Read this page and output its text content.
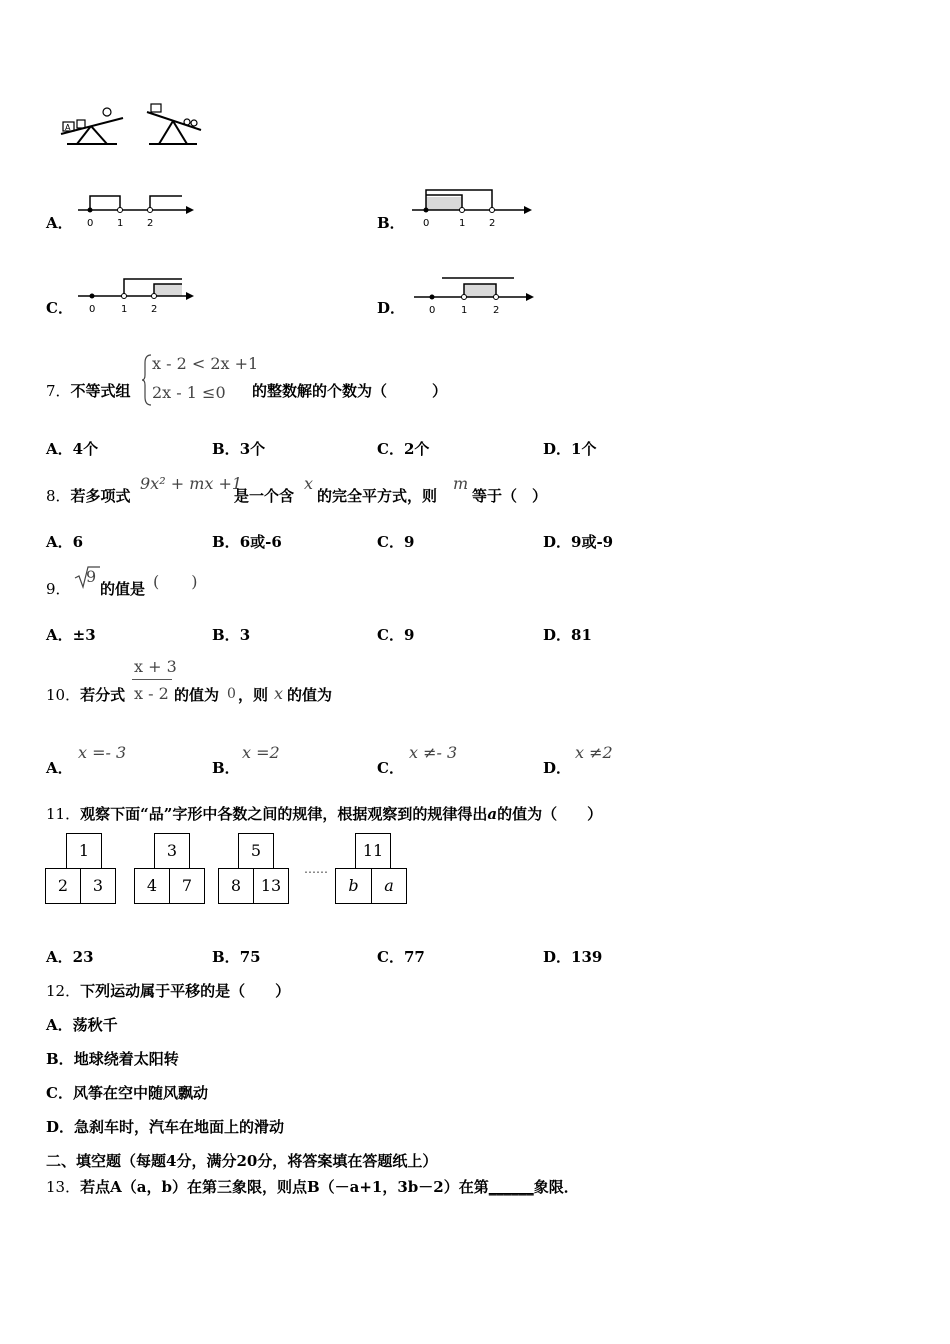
A
A． 0 1 2	B． 0	1 2
C． 0	1 2	D． 0	1	2
7．不等式组
x - 2 < 2x +1
2x - 1 ≤0 的整数解的个数为（　　　）
A．4个	B．3个	C．2个	D．1个
8．若多项式
9x² + mx +1
是一个含
x
的完全平方式，则
m
等于（　）
A．6	B．6或-6	C．9	D．9或-9
9．
9
的值是 (　　)
A．±3	B．3	C．9	D．81
10．若分式
x + 3
x - 2 的值为 0 ，则 x 的值为
A．
x =- 3
B．
x =2
C．
x ≠- 3
D．
x ≠2
11．观察下面“品”字形中各数之间的规律，根据观察到的规律得出a的值为（　　）
1
2	3
3
4	7
5
8	13
……
11
b	a
A．23	B．75	C．77	D．139
12．下列运动属于平移的是（　　）
A．荡秋千
B．地球绕着太阳转
C．风筝在空中随风飘动
D．急刹车时，汽车在地面上的滑动
二、填空题（每题4分，满分20分，将答案填在答题纸上）
13．若点A（a，b）在第三象限，则点B（－a+1，3b－2）在第______象限．
